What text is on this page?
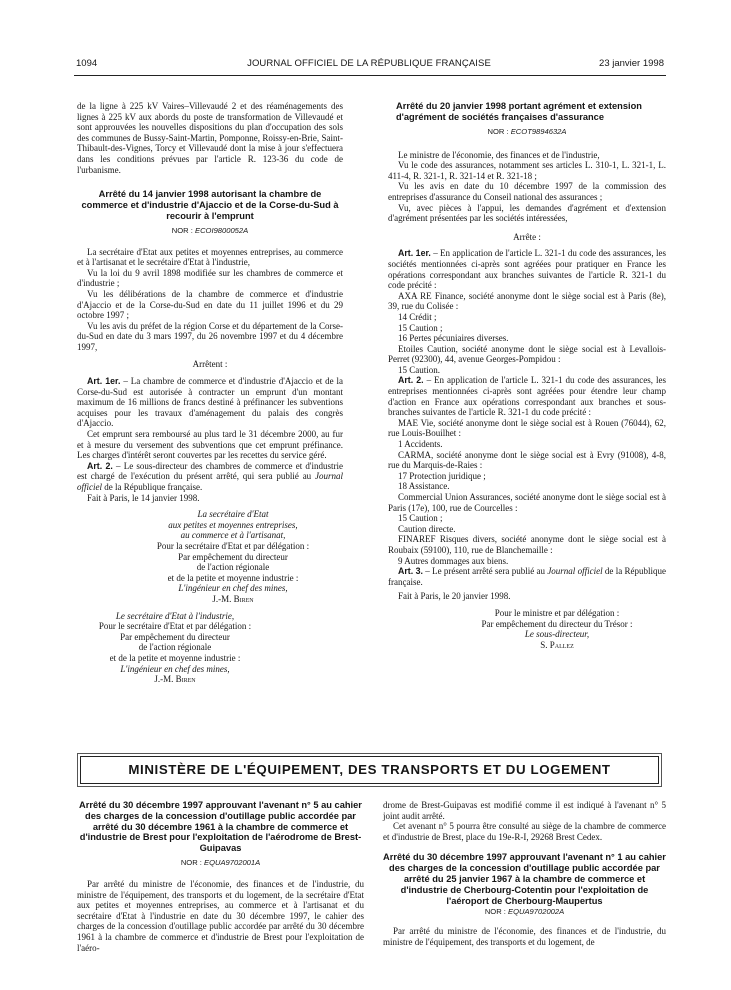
1094	JOURNAL OFFICIEL DE LA RÉPUBLIQUE FRANÇAISE	23 janvier 1998

de la ligne à 225 kV Vaires–Villevaudé 2 et des réaménagements des lignes à 225 kV aux abords du poste de transformation de Villevaudé et sont approuvées les nouvelles dispositions du plan d'occupation des sols des communes de Bussy-Saint-Martin, Pomponne, Roissy-en-Brie, Saint-Thibault-des-Vignes, Torcy et Villevaudé dont la mise à jour s'effectuera dans les conditions prévues par l'article R. 123-36 du code de l'urbanisme.

Arrêté du 14 janvier 1998 autorisant la chambre de commerce et d'industrie d'Ajaccio et de la Corse-du-Sud à recourir à l'emprunt

NOR : ECOI9800052A

La secrétaire d'Etat aux petites et moyennes entreprises, au commerce et à l'artisanat et le secrétaire d'Etat à l'industrie,

Vu la loi du 9 avril 1898 modifiée sur les chambres de commerce et d'industrie ;

Vu les délibérations de la chambre de commerce et d'industrie d'Ajaccio et de la Corse-du-Sud en date du 11 juillet 1996 et du 29 octobre 1997 ;

Vu les avis du préfet de la région Corse et du département de la Corse-du-Sud en date du 3 mars 1997, du 26 novembre 1997 et du 4 décembre 1997,

Arrêtent :

Art. 1er. – La chambre de commerce et d'industrie d'Ajaccio et de la Corse-du-Sud est autorisée à contracter un emprunt d'un montant maximum de 16 millions de francs destiné à préfinancer les subventions acquises pour les travaux d'aménagement du palais des congrès d'Ajaccio.

Cet emprunt sera remboursé au plus tard le 31 décembre 2000, au fur et à mesure du versement des subventions que cet emprunt préfinance. Les charges d'intérêt seront couvertes par les recettes du service géré.

Art. 2. – Le sous-directeur des chambres de commerce et d'industrie est chargé de l'exécution du présent arrêté, qui sera publié au Journal officiel de la République française.

Fait à Paris, le 14 janvier 1998.

La secrétaire d'Etat

aux petites et moyennes entreprises,

au commerce et à l'artisanat,

Pour la secrétaire d'Etat et par délégation :

Par empêchement du directeur

de l'action régionale

et de la petite et moyenne industrie :

L'ingénieur en chef des mines,

J.-M. Biren

Le secrétaire d'Etat à l'industrie,

Pour le secrétaire d'Etat et par délégation :

Par empêchement du directeur

de l'action régionale

et de la petite et moyenne industrie :

L'ingénieur en chef des mines,

J.-M. Biren

Arrêté du 20 janvier 1998 portant agrément et extension d'agrément de sociétés françaises d'assurance

NOR : ECOT9894632A

Le ministre de l'économie, des finances et de l'industrie,

Vu le code des assurances, notamment ses articles L. 310-1, L. 321-1, L. 411-4, R. 321-1, R. 321-14 et R. 321-18 ;

Vu les avis en date du 10 décembre 1997 de la commission des entreprises d'assurance du Conseil national des assurances ;

Vu, avec pièces à l'appui, les demandes d'agrément et d'extension d'agrément présentées par les sociétés intéressées,

Arrête :

Art. 1er. – En application de l'article L. 321-1 du code des assurances, les sociétés mentionnées ci-après sont agréées pour pratiquer en France les opérations correspondant aux branches suivantes de l'article R. 321-1 du code précité :

AXA RE Finance, société anonyme dont le siège social est à Paris (8e), 39, rue du Colisée :

14 Crédit ;

15 Caution ;

16 Pertes pécuniaires diverses.

Etoiles Caution, société anonyme dont le siège social est à Levallois-Perret (92300), 44, avenue Georges-Pompidou :

15 Caution.

Art. 2. – En application de l'article L. 321-1 du code des assurances, les entreprises mentionnées ci-après sont agréées pour étendre leur champ d'action en France aux opérations correspondant aux branches et sous-branches suivantes de l'article R. 321-1 du code précité :

MAE Vie, société anonyme dont le siège social est à Rouen (76044), 62, rue Louis-Bouilhet :

1 Accidents.

CARMA, société anonyme dont le siège social est à Evry (91008), 4-8, rue du Marquis-de-Raies :

17 Protection juridique ;

18 Assistance.

Commercial Union Assurances, société anonyme dont le siège social est à Paris (17e), 100, rue de Courcelles :

15 Caution ;

Caution directe.

FINAREF Risques divers, société anonyme dont le siège social est à Roubaix (59100), 110, rue de Blanchemaille :

9 Autres dommages aux biens.

Art. 3. – Le présent arrêté sera publié au Journal officiel de la République française.

Fait à Paris, le 20 janvier 1998.

Pour le ministre et par délégation :

Par empêchement du directeur du Trésor :

Le sous-directeur,

S. Pallez

MINISTÈRE DE L'ÉQUIPEMENT, DES TRANSPORTS ET DU LOGEMENT

Arrêté du 30 décembre 1997 approuvant l'avenant n° 5 au cahier des charges de la concession d'outillage public accordée par arrêté du 30 décembre 1961 à la chambre de commerce et d'industrie de Brest pour l'exploitation de l'aérodrome de Brest-Guipavas

NOR : EQUA9702001A

Par arrêté du ministre de l'économie, des finances et de l'industrie, du ministre de l'équipement, des transports et du logement, de la secrétaire d'Etat aux petites et moyennes entreprises, au commerce et à l'artisanat et du secrétaire d'Etat à l'industrie en date du 30 décembre 1997, le cahier des charges de la concession d'outillage public accordée par arrêté du 30 décembre 1961 à la chambre de commerce et d'industrie de Brest pour l'exploitation de l'aéro-

drome de Brest-Guipavas est modifié comme il est indiqué à l'avenant n° 5 joint audit arrêté.

Cet avenant n° 5 pourra être consulté au siège de la chambre de commerce et d'industrie de Brest, place du 19e-R-I, 29268 Brest Cedex.

Arrêté du 30 décembre 1997 approuvant l'avenant n° 1 au cahier des charges de la concession d'outillage public accordée par arrêté du 25 janvier 1967 à la chambre de commerce et d'industrie de Cherbourg-Cotentin pour l'exploitation de l'aéroport de Cherbourg-Maupertus

NOR : EQUA9702002A

Par arrêté du ministre de l'économie, des finances et de l'industrie, du ministre de l'équipement, des transports et du logement, de
